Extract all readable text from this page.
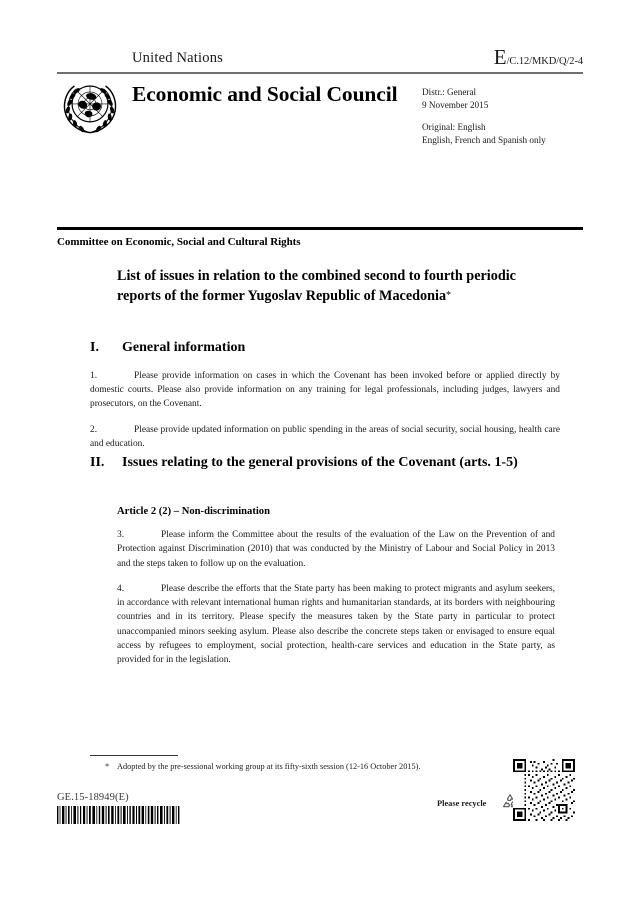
United Nations	E/C.12/MKD/Q/2-4
Economic and Social Council	Distr.: General
9 November 2015
Original: English
English, French and Spanish only
Committee on Economic, Social and Cultural Rights
List of issues in relation to the combined second to fourth periodic reports of the former Yugoslav Republic of Macedonia*
I. General information
1.	Please provide information on cases in which the Covenant has been invoked before or applied directly by domestic courts. Please also provide information on any training for legal professionals, including judges, lawyers and prosecutors, on the Covenant.
2.	Please provide updated information on public spending in the areas of social security, social housing, health care and education.
II. Issues relating to the general provisions of the Covenant (arts. 1-5)
Article 2 (2) – Non-discrimination
3.	Please inform the Committee about the results of the evaluation of the Law on the Prevention of and Protection against Discrimination (2010) that was conducted by the Ministry of Labour and Social Policy in 2013 and the steps taken to follow up on the evaluation.
4.	Please describe the efforts that the State party has been making to protect migrants and asylum seekers, in accordance with relevant international human rights and humanitarian standards, at its borders with neighbouring countries and in its territory. Please specify the measures taken by the State party in particular to protect unaccompanied minors seeking asylum. Please also describe the concrete steps taken or envisaged to ensure equal access by refugees to employment, social protection, health-care services and education in the State party, as provided for in the legislation.
* Adopted by the pre-sessional working group at its fifty-sixth session (12-16 October 2015).
GE.15-18949(E)
Please recycle
